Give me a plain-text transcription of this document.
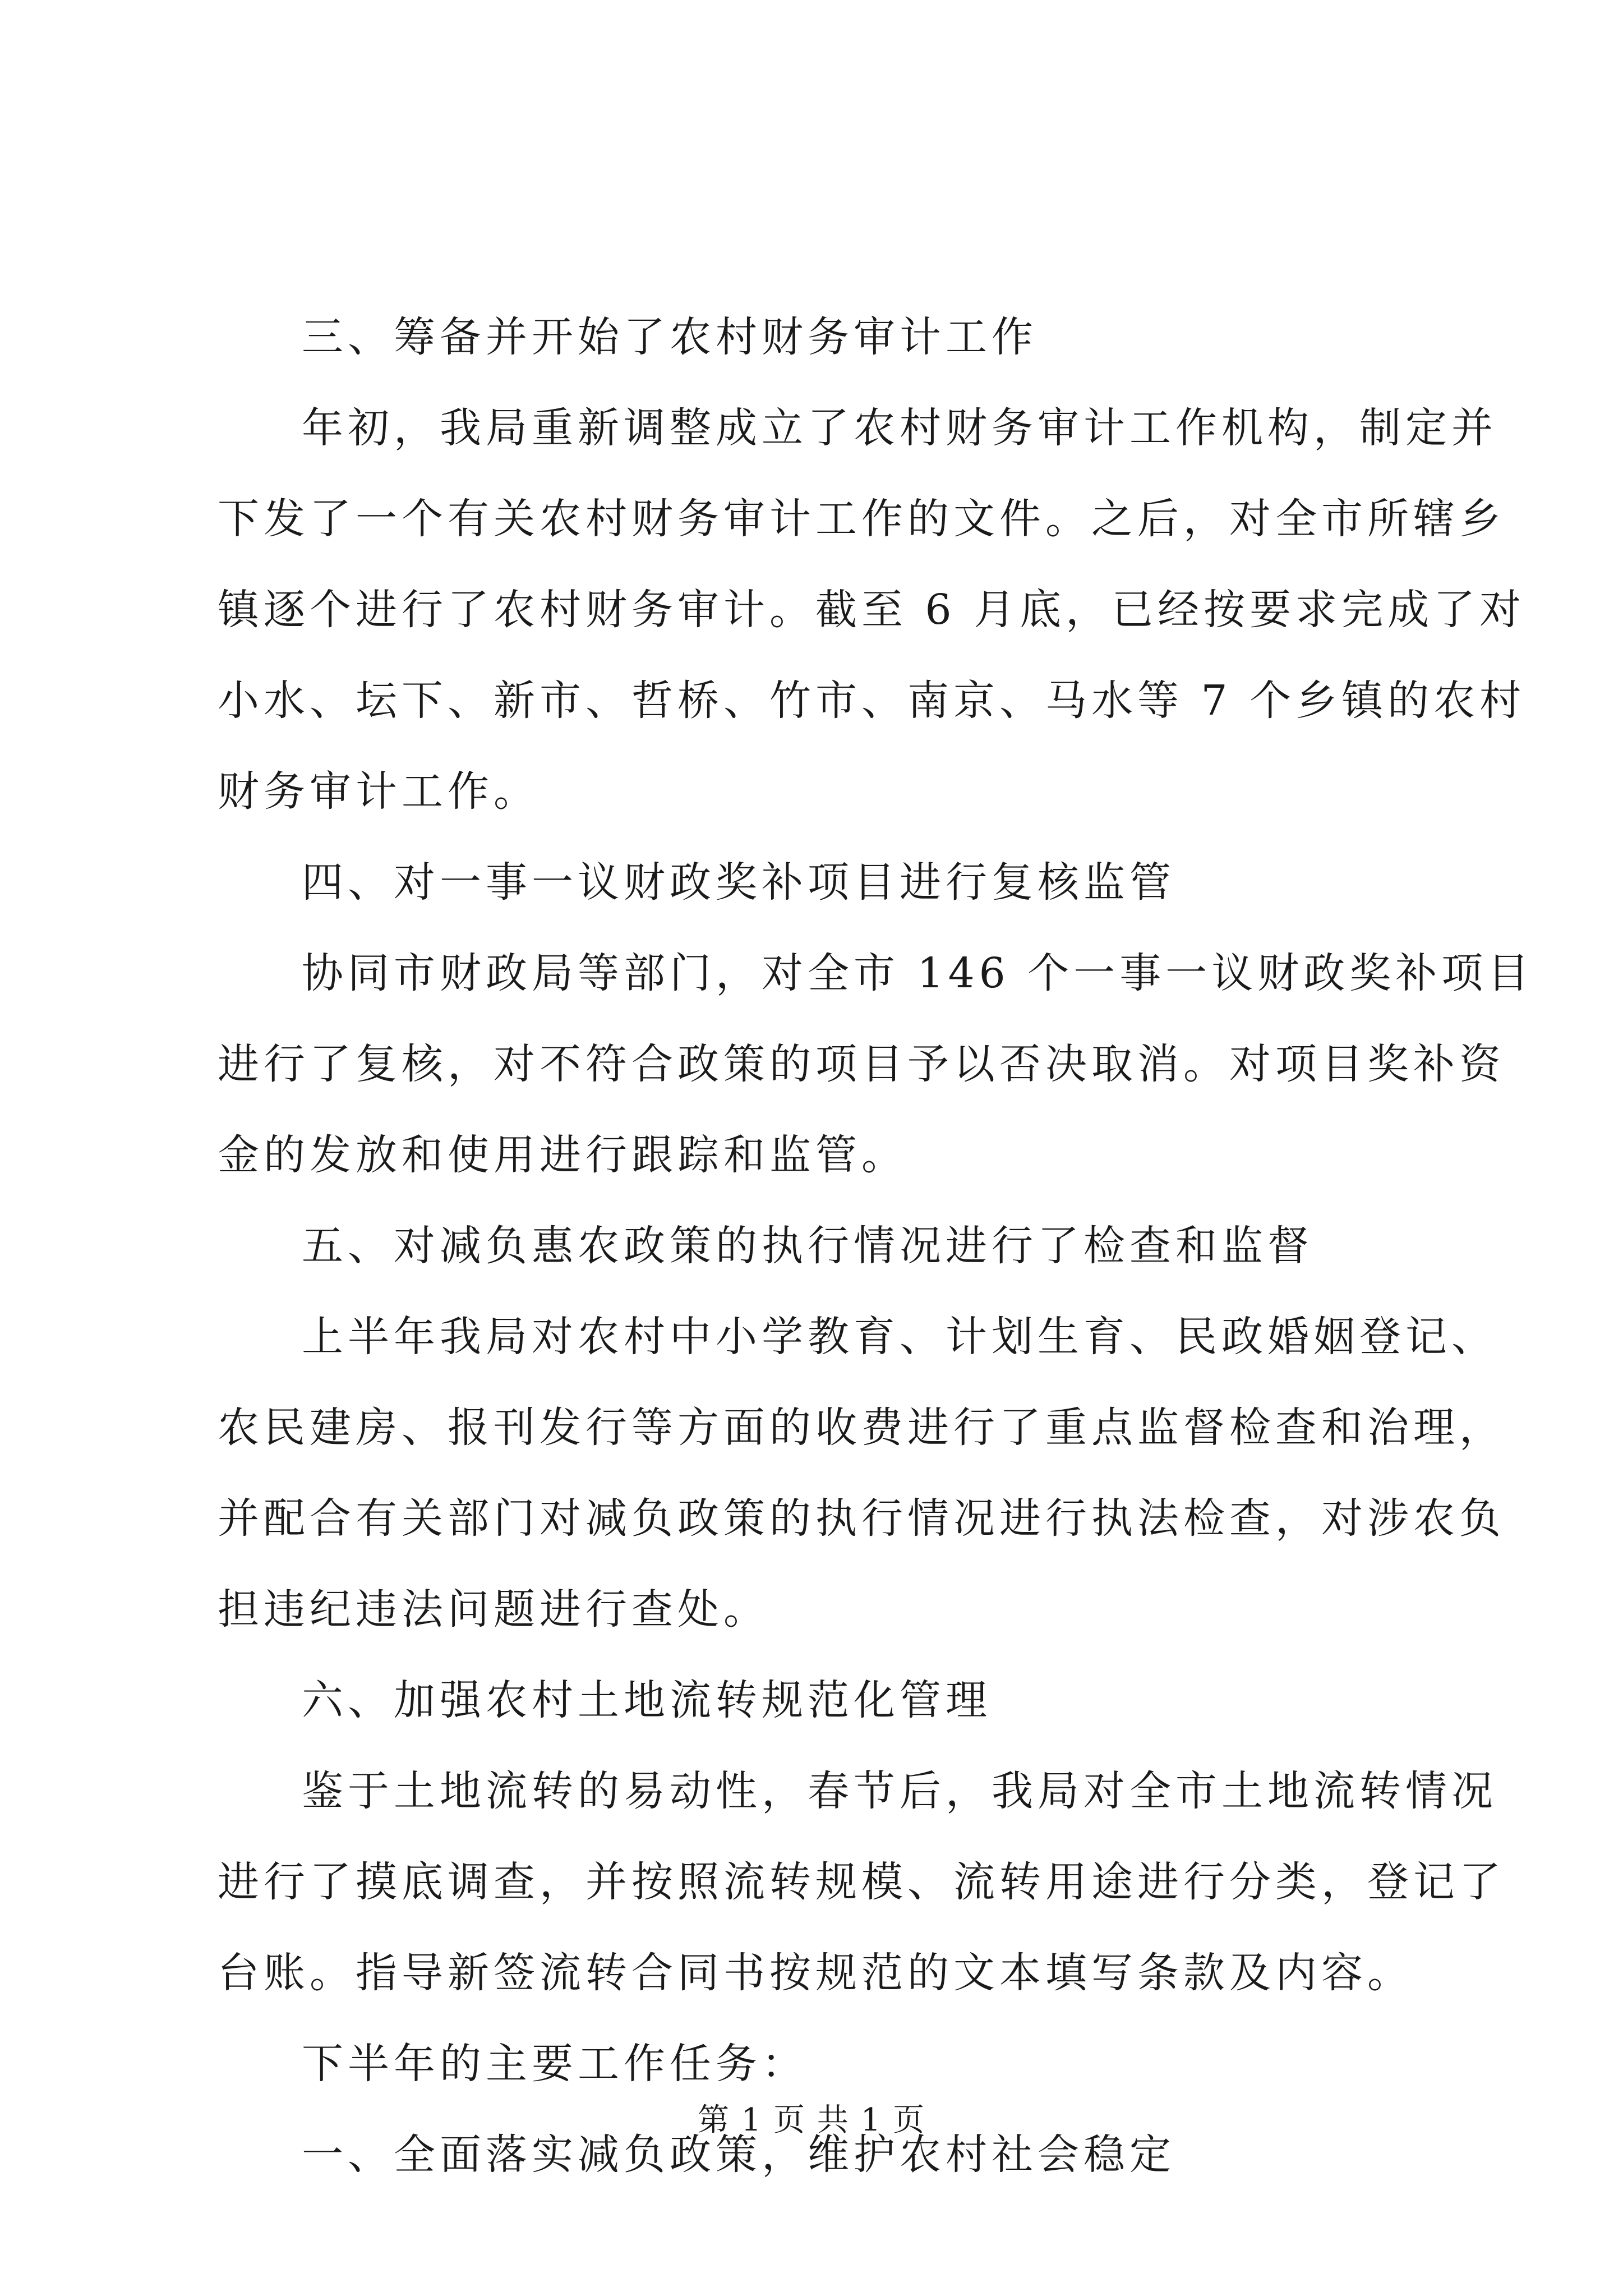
三、筹备并开始了农村财务审计工作
年初，我局重新调整成立了农村财务审计工作机构，制定并
下发了一个有关农村财务审计工作的文件。之后，对全市所辖乡
镇逐个进行了农村财务审计。截至 6 月底，已经按要求完成了对
小水、坛下、新市、哲桥、竹市、南京、马水等 7 个乡镇的农村
财务审计工作。
四、对一事一议财政奖补项目进行复核监管
协同市财政局等部门，对全市 146 个一事一议财政奖补项目
进行了复核，对不符合政策的项目予以否决取消。对项目奖补资
金的发放和使用进行跟踪和监管。
五、对减负惠农政策的执行情况进行了检查和监督
上半年我局对农村中小学教育、计划生育、民政婚姻登记、
农民建房、报刊发行等方面的收费进行了重点监督检查和治理，
并配合有关部门对减负政策的执行情况进行执法检查，对涉农负
担违纪违法问题进行查处。
六、加强农村土地流转规范化管理
鉴于土地流转的易动性，春节后，我局对全市土地流转情况
进行了摸底调查，并按照流转规模、流转用途进行分类，登记了
台账。指导新签流转合同书按规范的文本填写条款及内容。
下半年的主要工作任务：
一、全面落实减负政策，维护农村社会稳定
第 1 页 共 1 页
